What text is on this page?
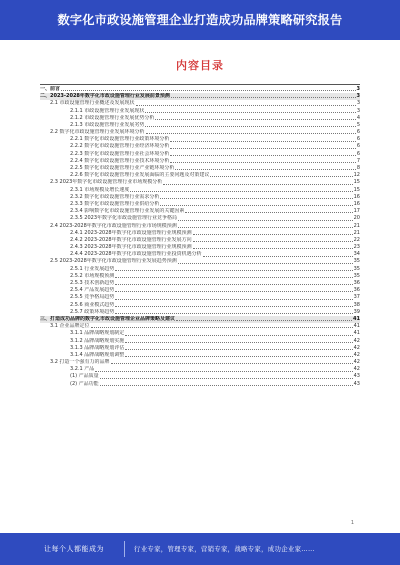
数字化市政设施管理企业打造成功品牌策略研究报告
内容目录
一、前言	3
二、2023-2028年数字化市政设施管理行业发展前景预测	3
2.1 市政设施管理行业概述及发展现状	3
2.1.1 市政设施管理行业发展现状	3
2.1.2 市政设施管理行业发展优势分析	4
2.1.3 市政设施管理行业发展劣势	5
2.2 数字化市政设施管理行业发展环境分析	6
2.2.1 数字化市政设施管理行业政策环境分析	6
2.2.2 数字化市政设施管理行业经济环境分析	6
2.2.3 数字化市政设施管理行业社会环境分析	6
2.2.4 数字化市政设施管理行业技术环境分析	7
2.2.5 数字化市政设施管理行业产业链环境分析	8
2.2.6 数字化市政设施管理行业发展面临的主要问题及对策建议	12
2.3 2023年数字化市政设施管理行业市场规模分析	15
2.3.1 市场规模及增长速度	15
2.3.2 数字化市政设施管理行业需求分析	16
2.3.3 数字化市政设施管理行业供给分析	16
2.3.4 影响数字化市政设施管理行业发展的关键因素	17
2.3.5 2023年数字化市政设施管理行业竞争格局	20
2.4 2023-2028年数字化市政设施管理行业市场规模预测	21
2.4.1 2023-2028年数字化市政设施管理行业规模预测	21
2.4.2 2023-2028年数字化市政设施管理行业发展方向	22
2.4.3 2023-2028年数字化市政设施管理行业规模预测	23
2.4.4 2023-2028年数字化市政设施管理行业投资机遇分析	34
2.5 2023-2028年数字化市政设施管理行业发展趋势预测	35
2.5.1 行业发展趋势	35
2.5.2 市场规模预测	35
2.5.3 技术创新趋势	36
2.5.4 产品发展趋势	36
2.5.5 竞争格局趋势	37
2.5.6 商业模式趋势	38
2.5.7 政策环境趋势	39
三、打造成功品牌的数字化市政设施管理企业品牌策略及建议	41
3.1 企业品牌定位	41
3.1.1 品牌战略规划制定	41
3.1.2 品牌战略规划实施	42
3.1.3 品牌战略规划评估	42
3.1.4 品牌战略规划调整	42
3.2 打造一个强有力的品牌	42
3.2.1 产品	42
(1) 产品质量	43
(2) 产品功能	43
1
让每个人都能成为	行业专家，管理专家，营销专家，战略专家，成功企业家……
